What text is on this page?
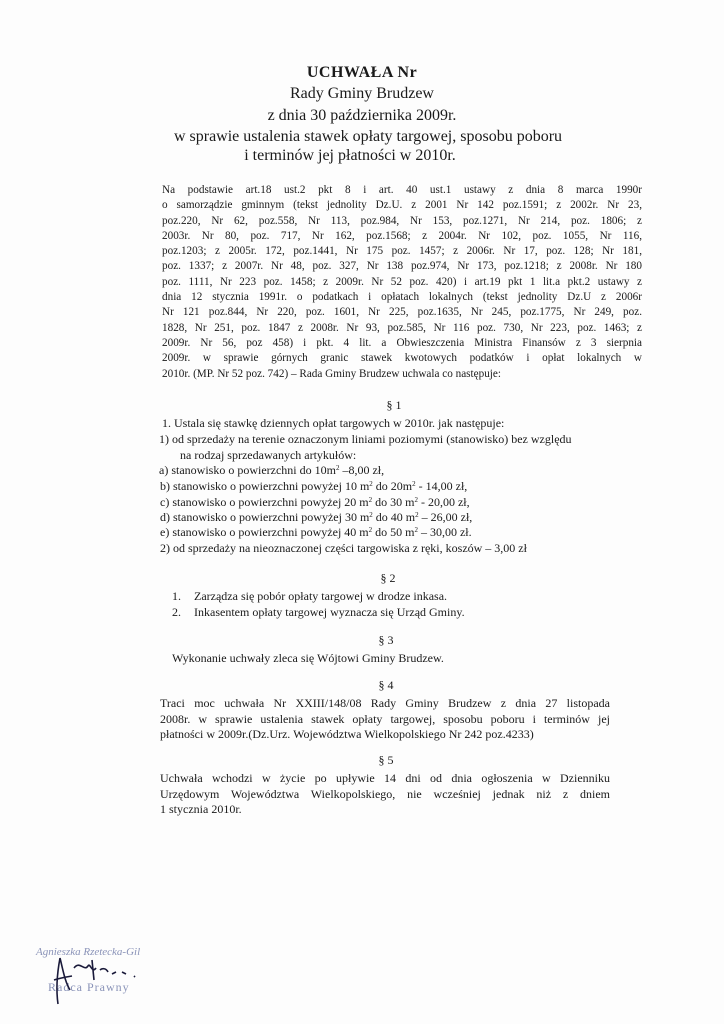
UCHWAŁA Nr
Rady Gminy Brudzew
z dnia 30 października 2009r.
w sprawie ustalenia stawek opłaty targowej, sposobu poboru
i terminów jej płatności w 2010r.
Na podstawie art.18 ust.2 pkt 8 i art. 40 ust.1 ustawy z dnia 8 marca 1990r
o samorządzie gminnym (tekst jednolity Dz.U. z 2001 Nr 142 poz.1591; z 2002r. Nr 23,
poz.220, Nr 62, poz.558, Nr 113, poz.984, Nr 153, poz.1271, Nr 214, poz. 1806; z
2003r. Nr 80, poz. 717, Nr 162, poz.1568; z 2004r. Nr 102, poz. 1055, Nr 116,
poz.1203; z 2005r. 172, poz.1441, Nr 175 poz. 1457; z 2006r. Nr 17, poz. 128; Nr 181,
poz. 1337; z 2007r. Nr 48, poz. 327, Nr 138 poz.974, Nr 173, poz.1218; z 2008r. Nr 180
poz. 1111, Nr 223 poz. 1458; z 2009r. Nr 52 poz. 420) i art.19 pkt 1 lit.a pkt.2 ustawy z
dnia 12 stycznia 1991r. o podatkach i opłatach lokalnych (tekst jednolity Dz.U z 2006r
Nr 121 poz.844, Nr 220, poz. 1601, Nr 225, poz.1635, Nr 245, poz.1775, Nr 249, poz.
1828, Nr 251, poz. 1847 z 2008r. Nr 93, poz.585, Nr 116 poz. 730, Nr 223, poz. 1463; z
2009r. Nr 56, poz 458) i pkt. 4 lit. a Obwieszczenia Ministra Finansów z 3 sierpnia
2009r. w sprawie górnych granic stawek kwotowych podatków i opłat lokalnych w
2010r. (MP. Nr 52 poz. 742) – Rada Gminy Brudzew uchwala co następuje:
§ 1
1. Ustala się stawkę dziennych opłat targowych w 2010r. jak następuje:
1) od sprzedaży na terenie oznaczonym liniami poziomymi (stanowisko) bez względu
na rodzaj sprzedawanych artykułów:
a) stanowisko o powierzchni do $10m^2$ –8,00 zł,
b) stanowisko o powierzchni powyżej 10 $m^2$ do $20m^2 - 14,00$ zł,
c) stanowisko o powierzchni powyżej 20 $m^2$ do 30 $m^2 - 20,00$ zł,
d) stanowisko o powierzchni powyżej 30 $m^2$ do 40 $m^2 - 26,00$ zł,
e) stanowisko o powierzchni powyżej 40 $m^2$ do 50 $m^2 - 30,00$ zł.
2) od sprzedaży na nieoznaczonej części targowiska z ręki, koszów – 3,00 zł
§ 2
1. Zarządza się pobór opłaty targowej w drodze inkasa.
2. Inkasentem opłaty targowej wyznacza się Urząd Gminy.
§ 3
Wykonanie uchwały zleca się Wójtowi Gminy Brudzew.
§ 4
Traci moc uchwała Nr XXIII/148/08 Rady Gminy Brudzew z dnia 27 listopada
2008r. w sprawie ustalenia stawek opłaty targowej, sposobu poboru i terminów jej
płatności w 2009r.(Dz.Urz. Województwa Wielkopolskiego Nr 242 poz.4233)
§ 5
Uchwała wchodzi w życie po upływie 14 dni od dnia ogłoszenia w Dzienniku
Urzędowym Województwa Wielkopolskiego, nie wcześniej jednak niż z dniem
1 stycznia 2010r.
Agnieszka Rzetecka-Gil
Radca Prawny
